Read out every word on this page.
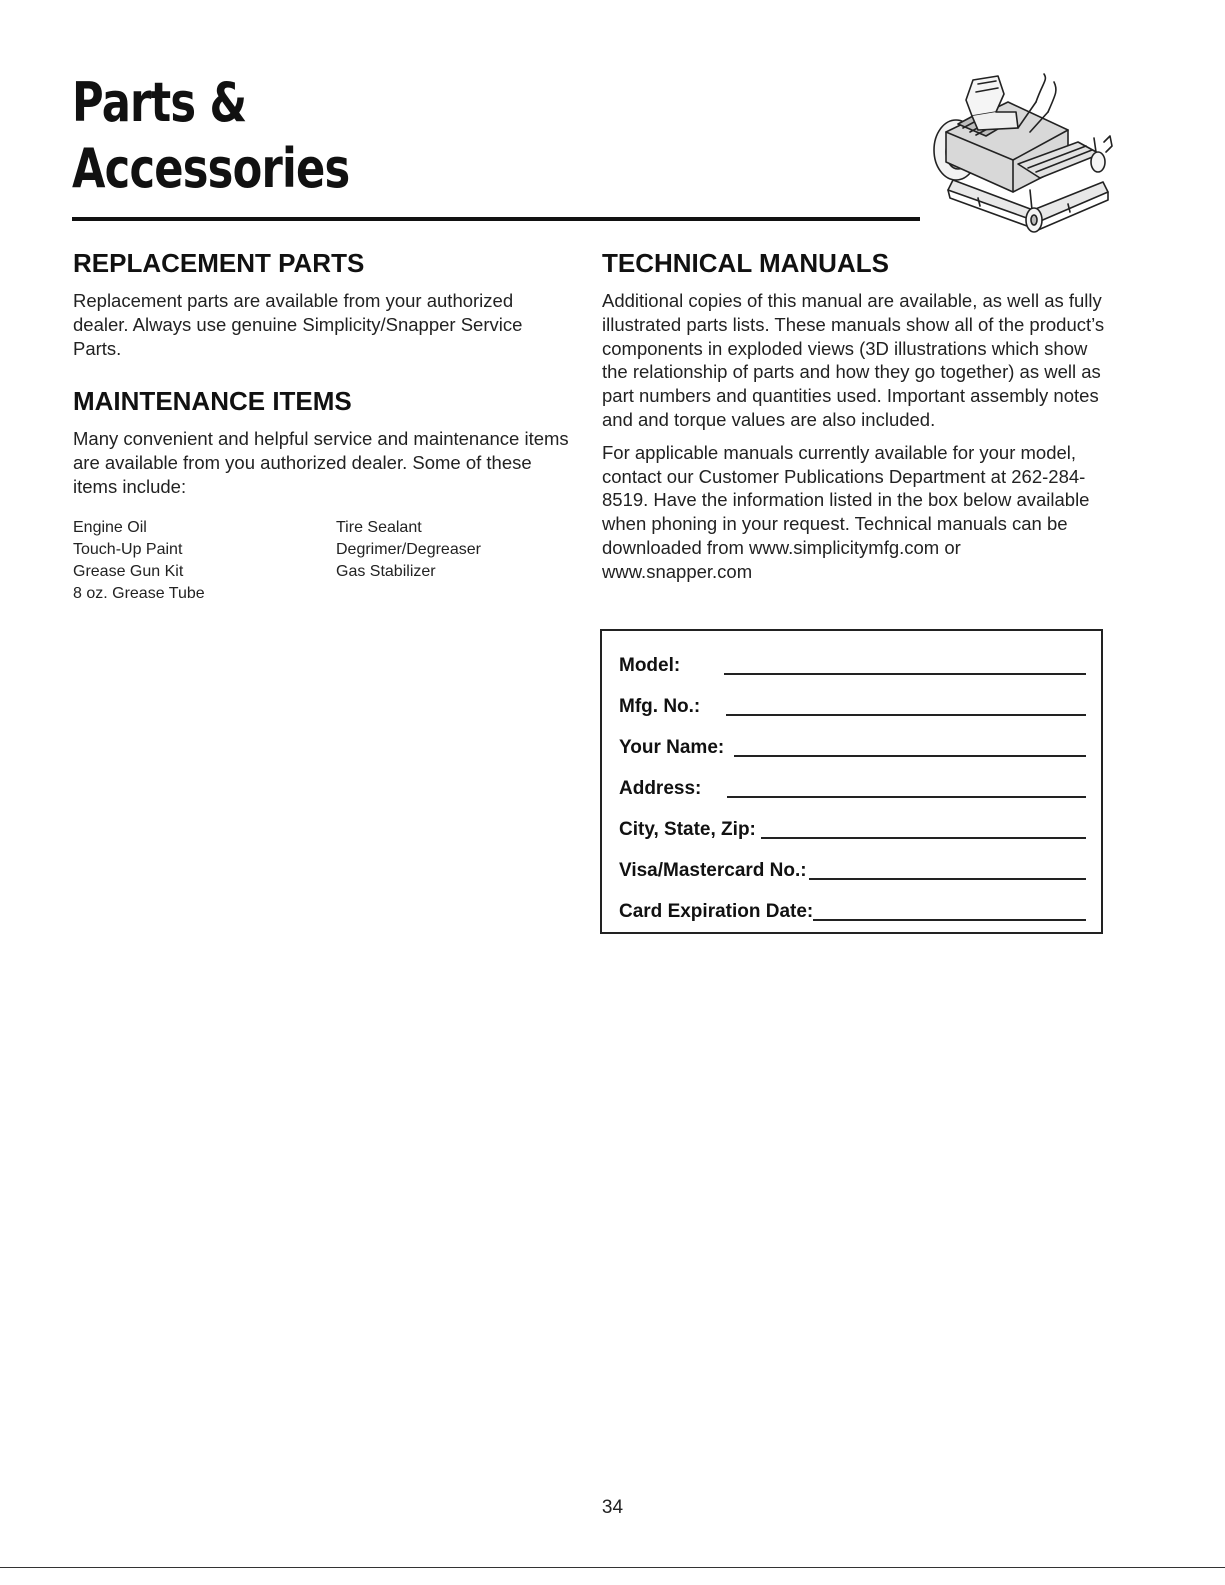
Parts &
Accessories
REPLACEMENT PARTS

Replacement parts are available from your authorized dealer. Always use genuine Simplicity/Snapper Service Parts.

MAINTENANCE ITEMS

Many convenient and helpful service and maintenance items are available from you authorized dealer. Some of these items include:

Engine Oil
Touch-Up Paint
Grease Gun Kit
8 oz. Grease Tube
Tire Sealant
Degrimer/Degreaser
Gas Stabilizer
TECHNICAL MANUALS

Additional copies of this manual are available, as well as fully illustrated parts lists. These manuals show all of the product’s components in exploded views (3D illustrations which show the relationship of parts and how they go together) as well as part numbers and quantities used. Important assembly notes and and torque values are also included.

For applicable manuals currently available for your model, contact our Customer Publications Department at 262-284-8519. Have the information listed in the box below available when phoning in your request. Technical manuals can be downloaded from www.simplicitymfg.com or www.snapper.com

Model:
Mfg. No.:
Your Name:
Address:
City, State, Zip:
Visa/Mastercard No.:
Card Expiration Date:
34
